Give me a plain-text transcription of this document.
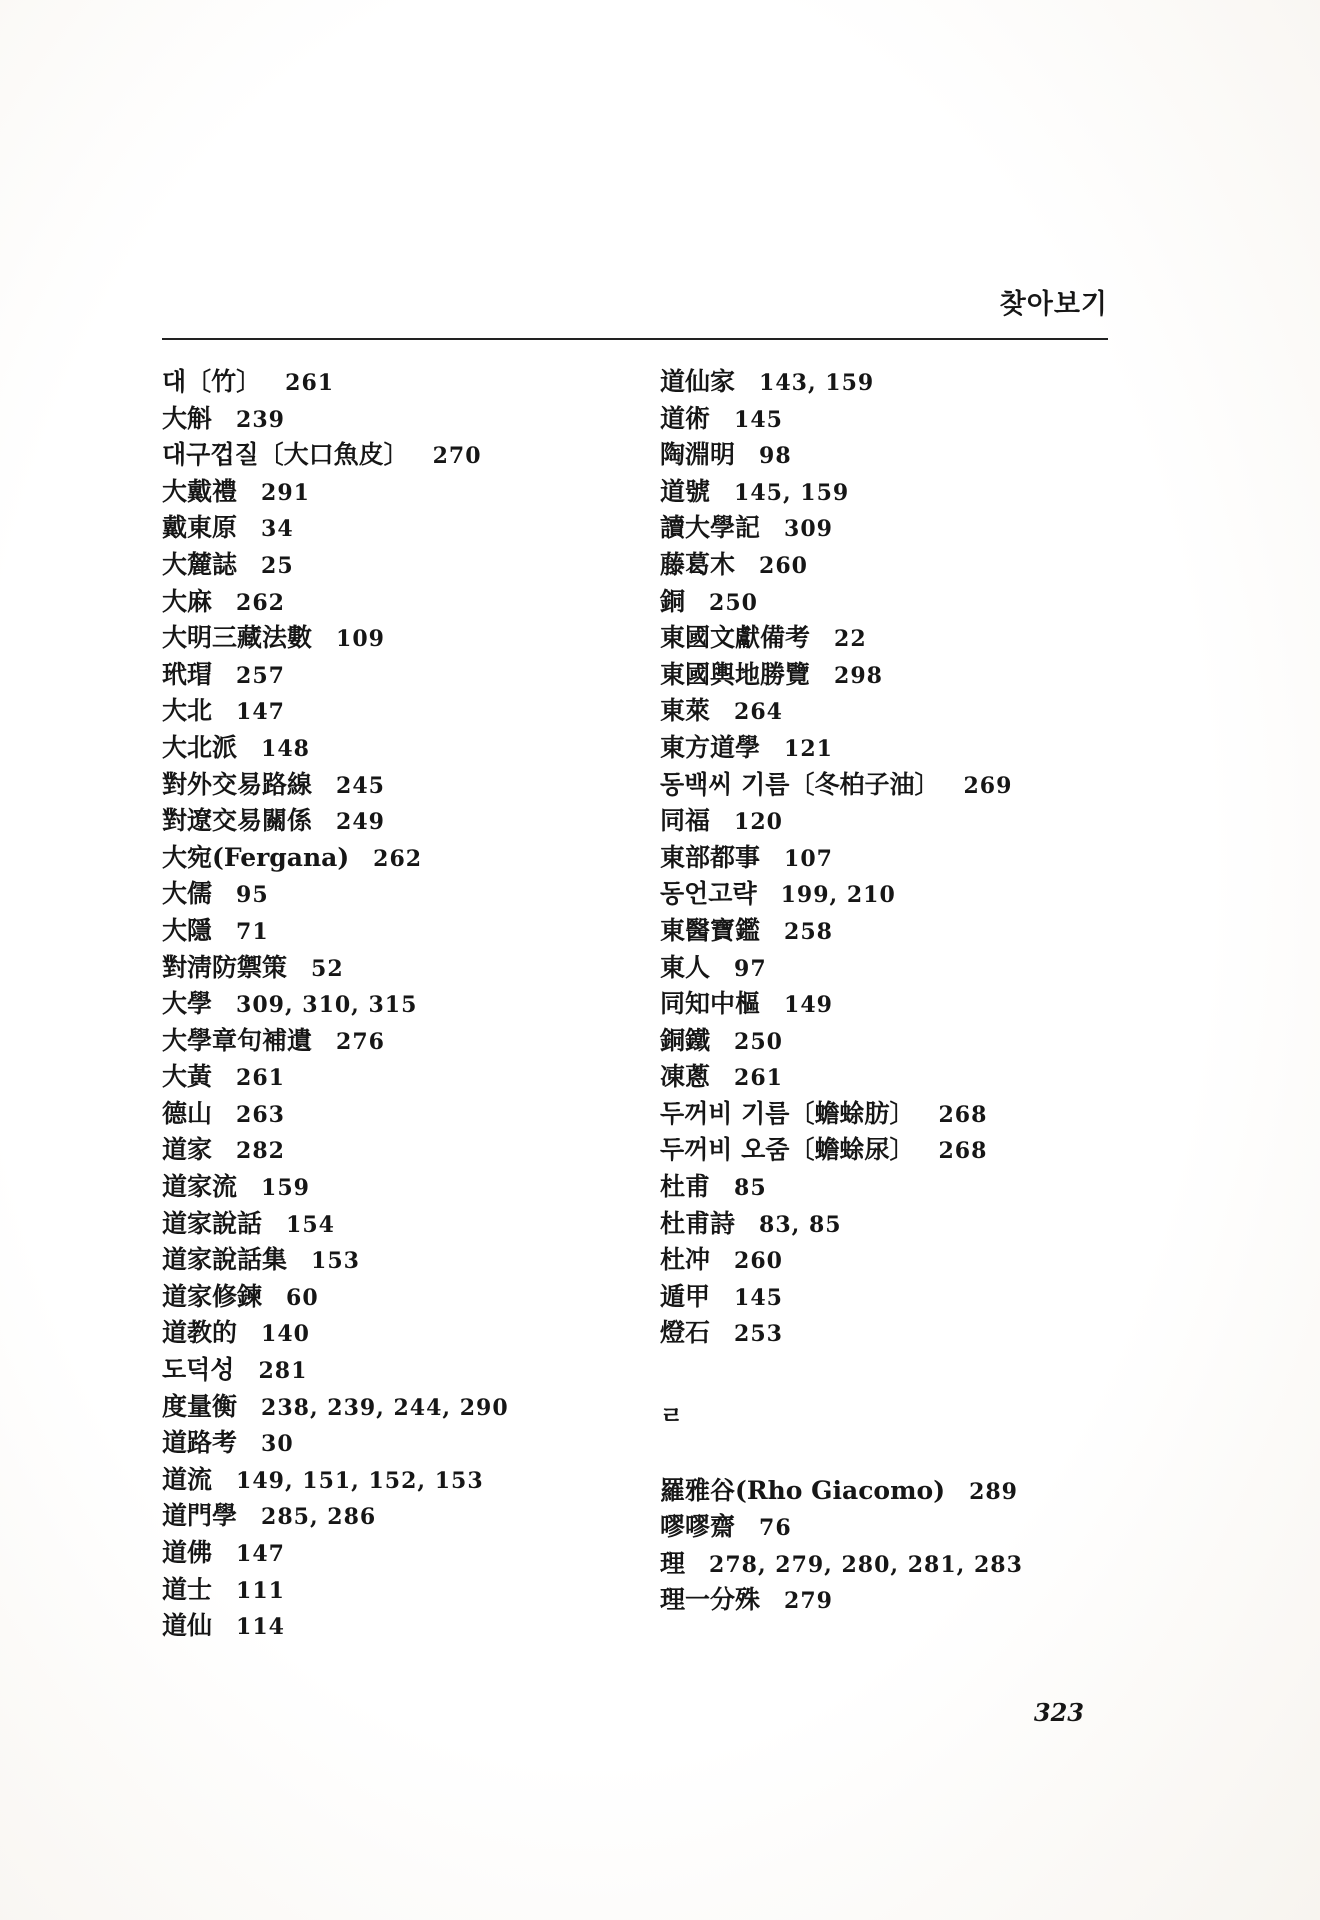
찾아보기
대〔竹〕 261
大斛 239
대구껍질〔大口魚皮〕 270
大戴禮 291
戴東原 34
大麓誌 25
大麻 262
大明三藏法數 109
玳瑁 257
大北 147
大北派 148
對外交易路線 245
對遼交易關係 249
大宛(Fergana) 262
大儒 95
大隱 71
對淸防禦策 52
大學 309, 310, 315
大學章句補遺 276
大黃 261
德山 263
道家 282
道家流 159
道家說話 154
道家說話集 153
道家修鍊 60
道教的 140
도덕성 281
度量衡 238, 239, 244, 290
道路考 30
道流 149, 151, 152, 153
道門學 285, 286
道佛 147
道士 111
道仙 114
道仙家 143, 159
道術 145
陶淵明 98
道號 145, 159
讀大學記 309
藤葛木 260
銅 250
東國文獻備考 22
東國輿地勝覽 298
東萊 264
東方道學 121
동백씨 기름〔冬柏子油〕 269
同福 120
東部都事 107
동언고략 199, 210
東醫寶鑑 258
東人 97
同知中樞 149
銅鐵 250
凍蔥 261
두꺼비 기름〔蟾蜍肪〕 268
두꺼비 오줌〔蟾蜍尿〕 268
杜甫 85
杜甫詩 83, 85
杜冲 260
遁甲 145
燈石 253
ㄹ
羅雅谷(Rho Giacomo) 289
嘐嘐齋 76
理 278, 279, 280, 281, 283
理一分殊 279
323
